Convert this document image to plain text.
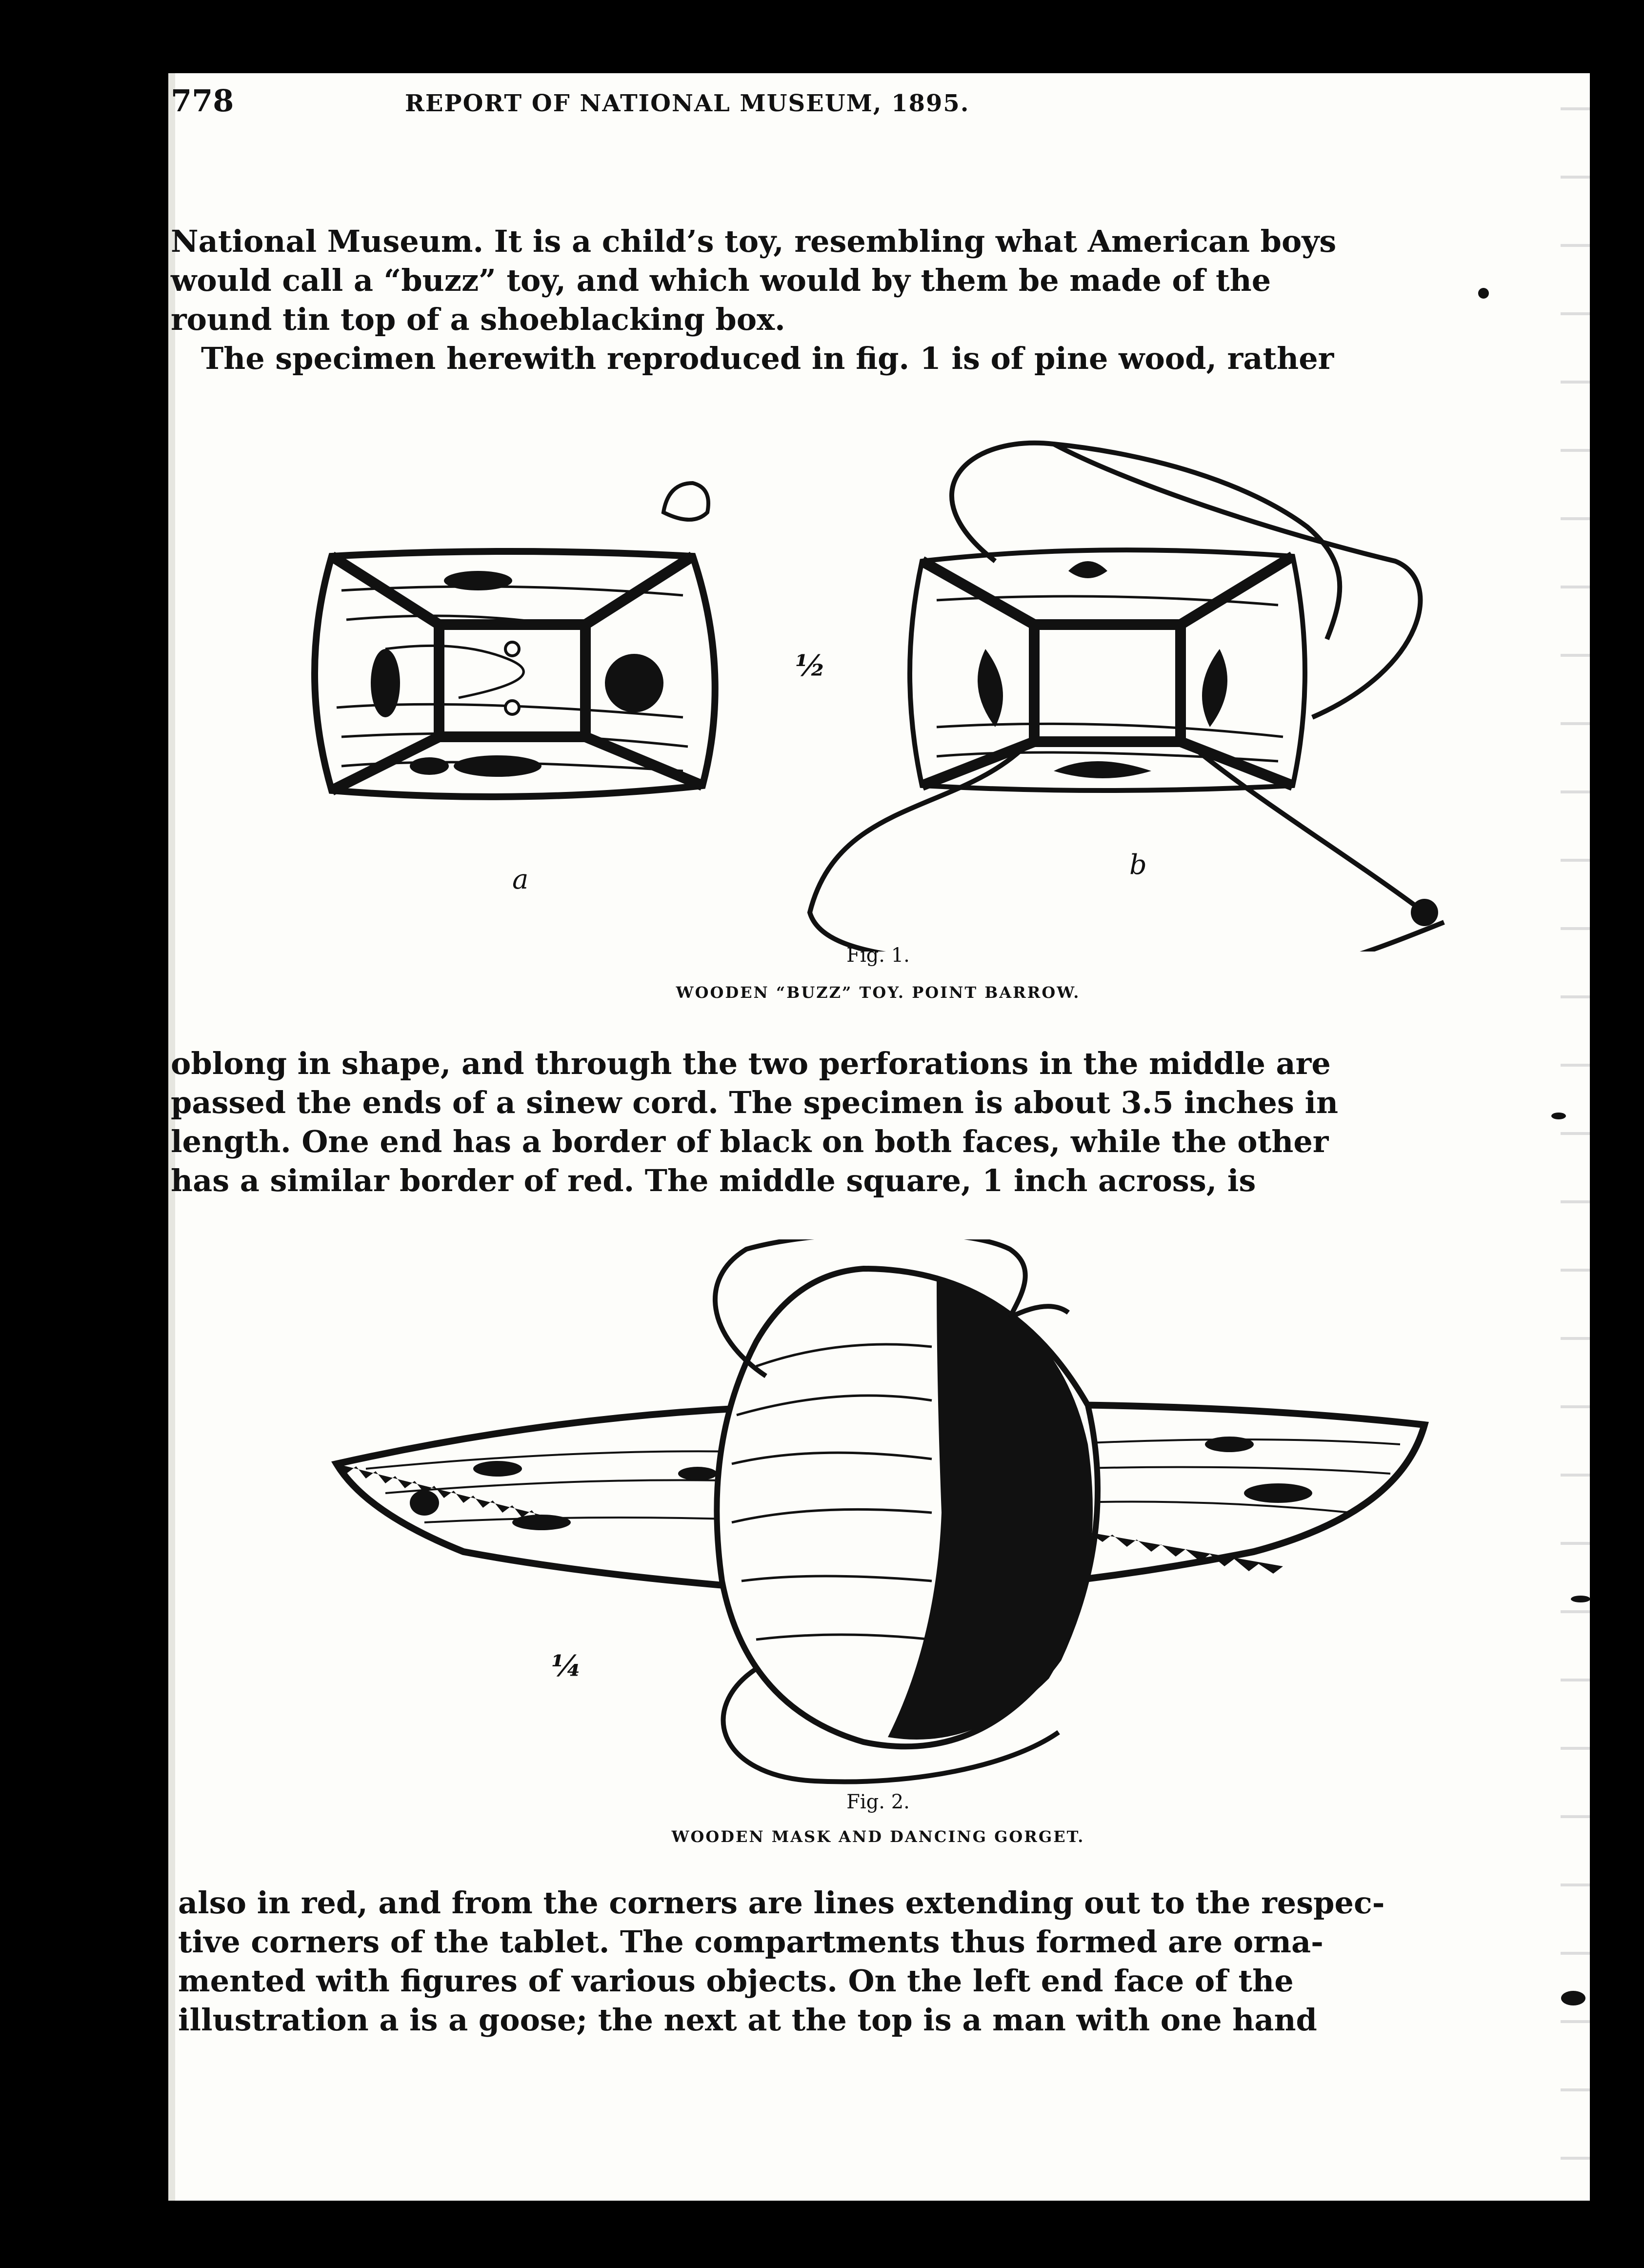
778	REPORT OF NATIONAL MUSEUM, 1895.
National Museum. It is a child’s toy, resembling what American boys
would call a “buzz” toy, and which would by them be made of the
round tin top of a shoeblacking box.
The specimen herewith reproduced in fig. 1 is of pine wood, rather
½
a	b
Fig. 1.
WOODEN “BUZZ” TOY. POINT BARROW.
oblong in shape, and through the two perforations in the middle are
passed the ends of a sinew cord. The specimen is about 3.5 inches in
length. One end has a border of black on both faces, while the other
has a similar border of red. The middle square, 1 inch across, is
¼
Fig. 2.
WOODEN MASK AND DANCING GORGET.
also in red, and from the corners are lines extending out to the respec-
tive corners of the tablet. The compartments thus formed are orna-
mented with figures of various objects. On the left end face of the
illustration a is a goose; the next at the top is a man with one hand
